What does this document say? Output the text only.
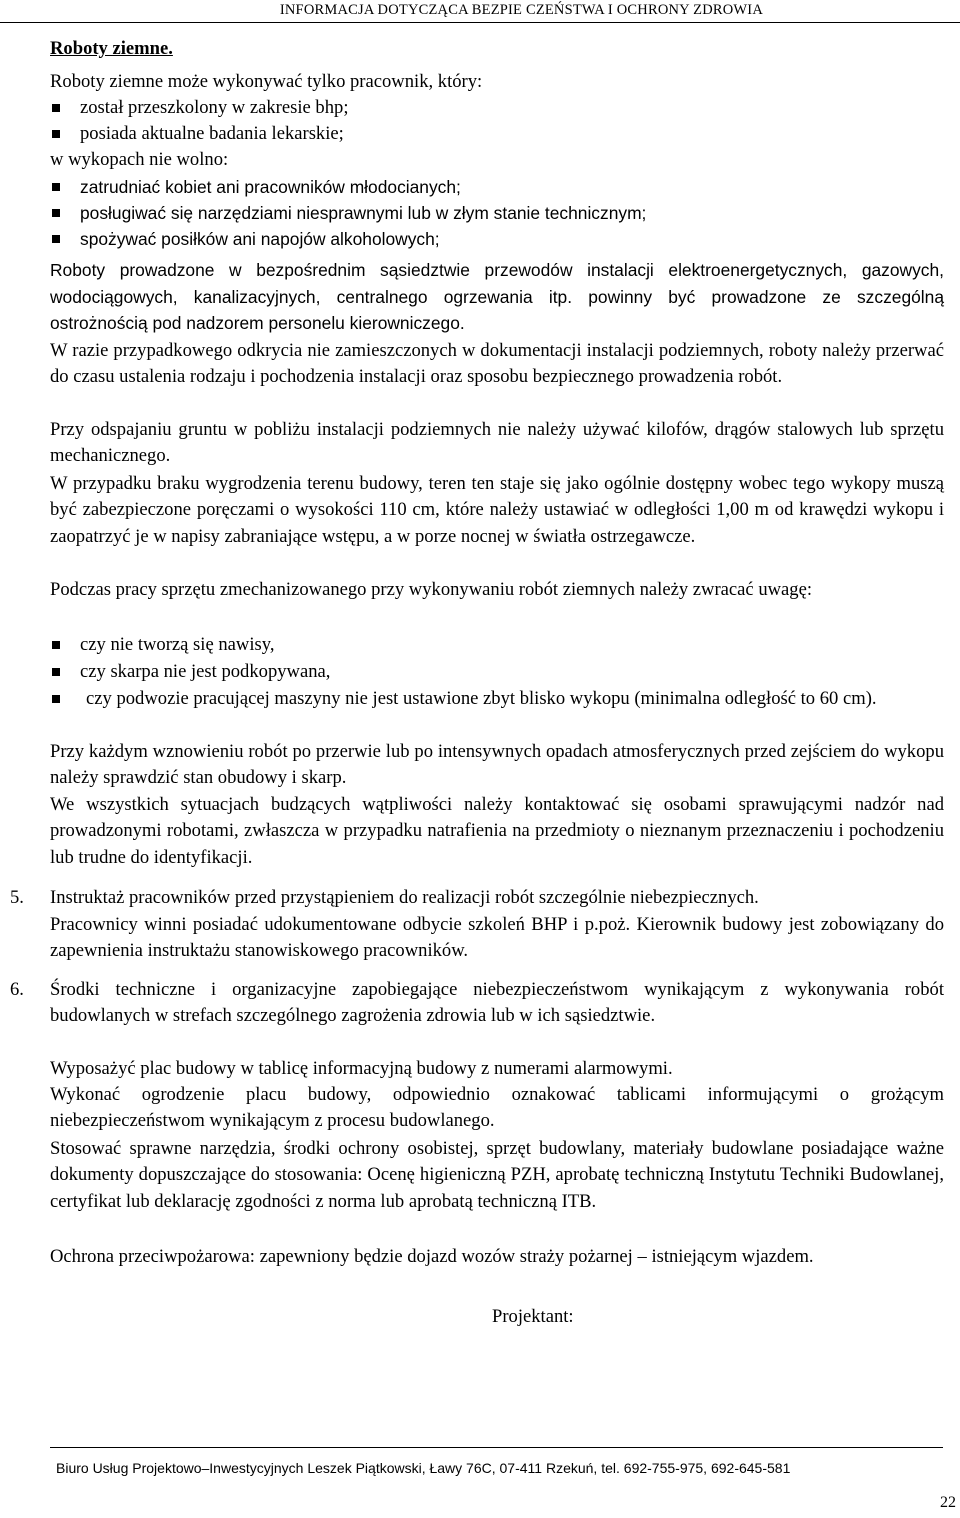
INFORMACJA DOTYCZĄCA BEZPIE CZEŃSTWA I OCHRONY ZDROWIA
Roboty ziemne.
Roboty ziemne może wykonywać tylko pracownik, który:
został przeszkolony w zakresie bhp;
posiada aktualne badania lekarskie;
w wykopach nie wolno:
zatrudniać kobiet ani pracowników młodocianych;
posługiwać się narzędziami niesprawnymi lub w złym stanie technicznym;
spożywać posiłków ani napojów alkoholowych;
Roboty prowadzone w bezpośrednim sąsiedztwie przewodów instalacji elektroenergetycznych, gazowych, wodociągowych, kanalizacyjnych, centralnego ogrzewania itp. powinny być prowadzone ze szczególną ostrożnością pod nadzorem personelu kierowniczego.
W razie przypadkowego odkrycia nie zamieszczonych w dokumentacji instalacji podziemnych, roboty należy przerwać do czasu ustalenia rodzaju i pochodzenia instalacji oraz sposobu bezpiecznego prowadzenia robót.
Przy odspajaniu gruntu w pobliżu instalacji podziemnych nie należy używać kilofów, drągów stalowych lub sprzętu mechanicznego.
W przypadku braku wygrodzenia terenu budowy, teren ten staje się jako ogólnie dostępny wobec tego wykopy muszą być zabezpieczone poręczami o wysokości 110 cm, które należy ustawiać w odległości 1,00 m od krawędzi wykopu i zaopatrzyć je w napisy zabraniające wstępu, a w porze nocnej w światła ostrzegawcze.
Podczas pracy sprzętu zmechanizowanego przy wykonywaniu robót ziemnych należy zwracać uwagę:
czy nie tworzą się nawisy,
czy skarpa nie jest podkopywana,
czy podwozie pracującej maszyny nie jest ustawione zbyt blisko wykopu (minimalna odległość to 60 cm).
Przy każdym wznowieniu robót po przerwie lub po intensywnych opadach atmosferycznych przed zejściem do wykopu należy sprawdzić stan obudowy i skarp.
We wszystkich sytuacjach budzących wątpliwości należy kontaktować się osobami sprawującymi nadzór nad prowadzonymi robotami, zwłaszcza w przypadku natrafienia na przedmioty o nieznanym przeznaczeniu i pochodzeniu lub trudne do identyfikacji.
5. Instruktaż pracowników przed przystąpieniem do realizacji robót szczególnie niebezpiecznych.
Pracownicy winni posiadać udokumentowane odbycie szkoleń BHP i p.poż. Kierownik budowy jest zobowiązany do zapewnienia instruktażu stanowiskowego pracowników.
6. Środki techniczne i organizacyjne zapobiegające niebezpieczeństwom wynikającym z wykonywania robót budowlanych w strefach szczególnego zagrożenia zdrowia lub w ich sąsiedztwie.
Wyposażyć plac budowy w tablicę informacyjną budowy z numerami alarmowymi.
Wykonać ogrodzenie placu budowy, odpowiednio oznakować tablicami informującymi o grożącym niebezpieczeństwom wynikającym z procesu budowlanego.
Stosować sprawne narzędzia, środki ochrony osobistej, sprzęt budowlany, materiały budowlane posiadające ważne dokumenty dopuszczające do stosowania: Ocenę higieniczną PZH, aprobatę techniczną Instytutu Techniki Budowlanej, certyfikat lub deklarację zgodności z norma lub aprobatą techniczną ITB.
Ochrona przeciwpożarowa: zapewniony będzie dojazd wozów straży pożarnej – istniejącym wjazdem.
Projektant:
Biuro Usług Projektowo–Inwestycyjnych Leszek Piątkowski, Ławy 76C, 07-411 Rzekuń, tel. 692-755-975, 692-645-581
22
